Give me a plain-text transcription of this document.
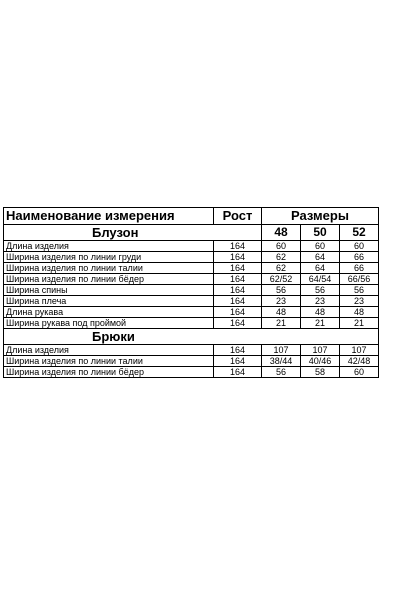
Наименование измерения	Рост	Размеры		
Блузон		48	50	52
Длина изделия	164	60	60	60
Ширина изделия по линии груди	164	62	64	66
Ширина изделия по линии талии	164	62	64	66
Ширина изделия по линии бёдер	164	62/52	64/54	66/56
Ширина спины	164	56	56	56
Ширина плеча	164	23	23	23
Длина рукава	164	48	48	48
Ширина рукава под проймой	164	21	21	21
Брюки				
Длина изделия	164	107	107	107
Ширина изделия по линии талии	164	38/44	40/46	42/48
Ширина изделия по линии бёдер	164	56	58	60
